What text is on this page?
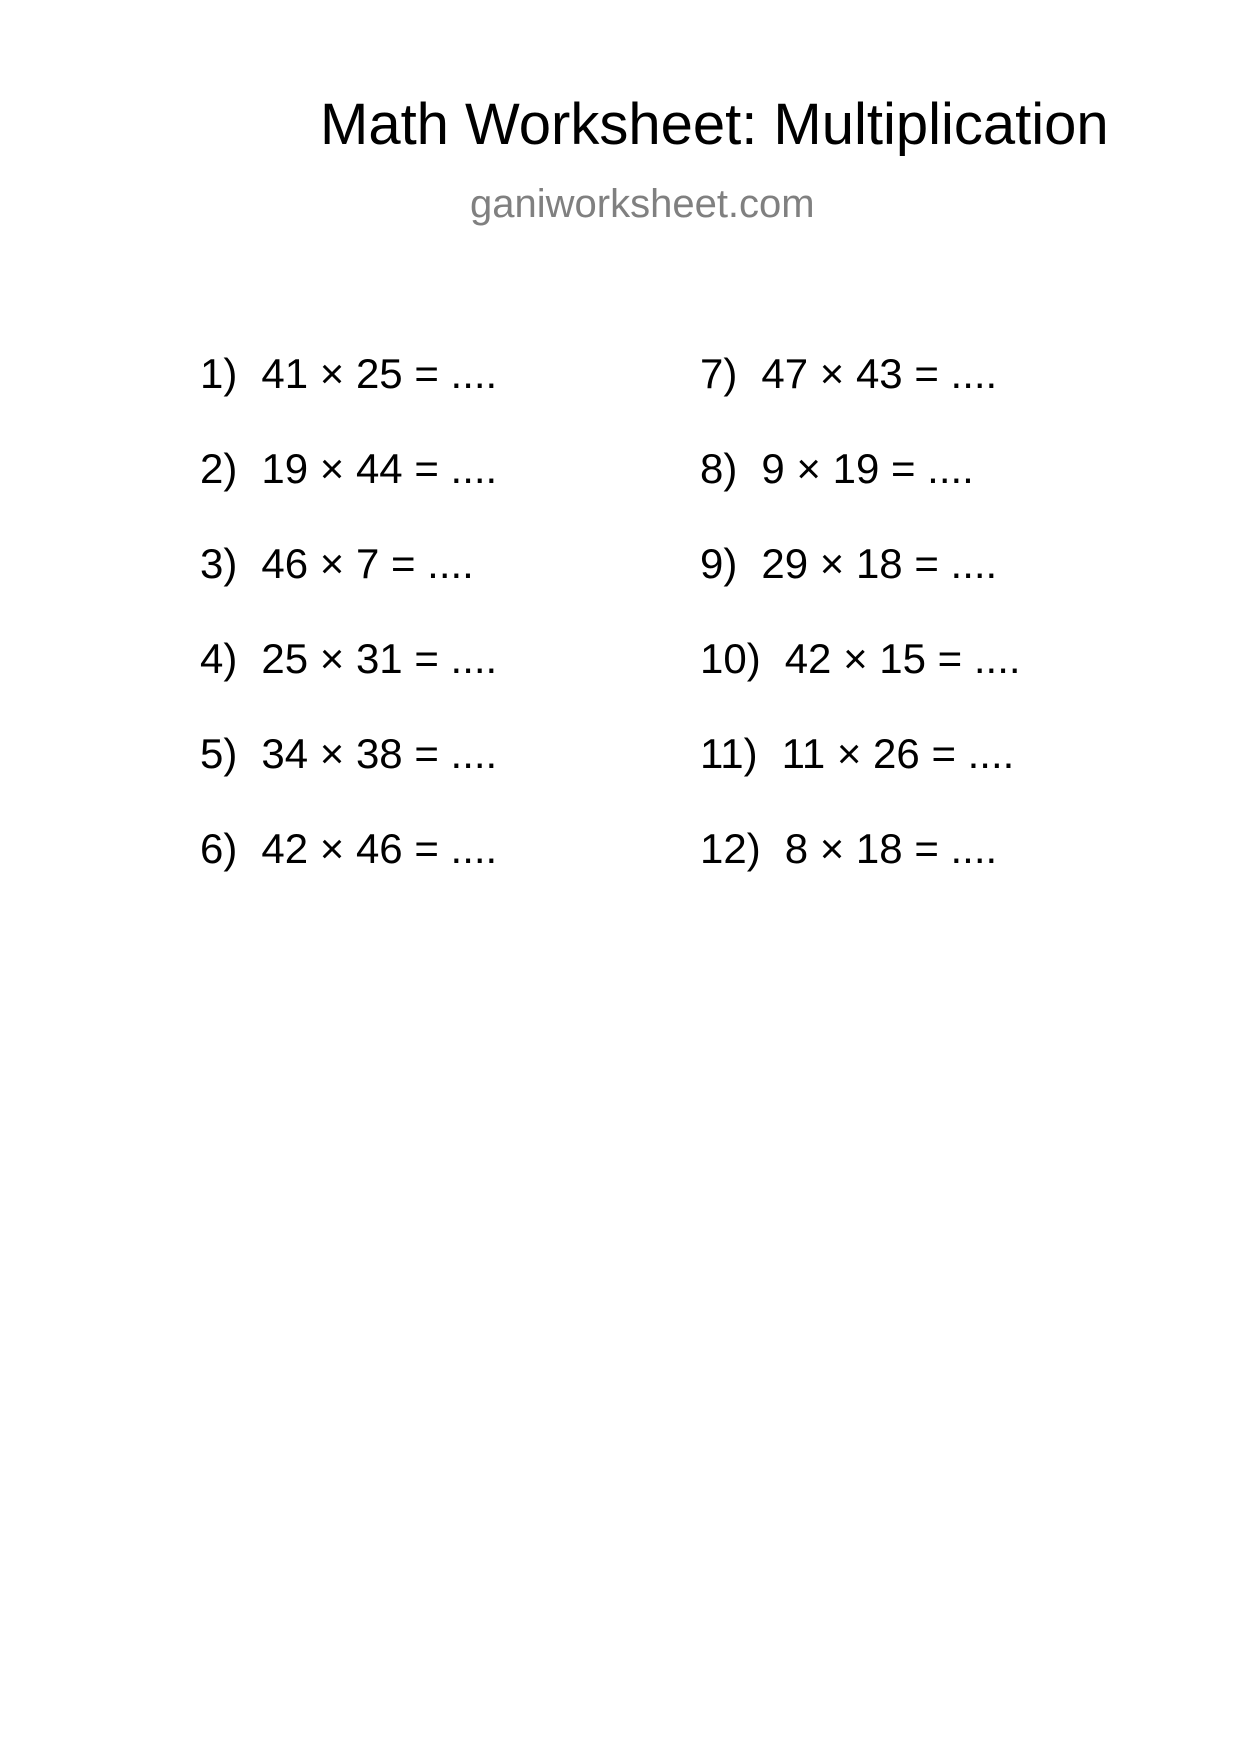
Math Worksheet: Multiplication
ganiworksheet.com
1) 41 × 25 = ....
2) 19 × 44 = ....
3) 46 × 7 = ....
4) 25 × 31 = ....
5) 34 × 38 = ....
6) 42 × 46 = ....
7) 47 × 43 = ....
8) 9 × 19 = ....
9) 29 × 18 = ....
10) 42 × 15 = ....
11) 11 × 26 = ....
12) 8 × 18 = ....
